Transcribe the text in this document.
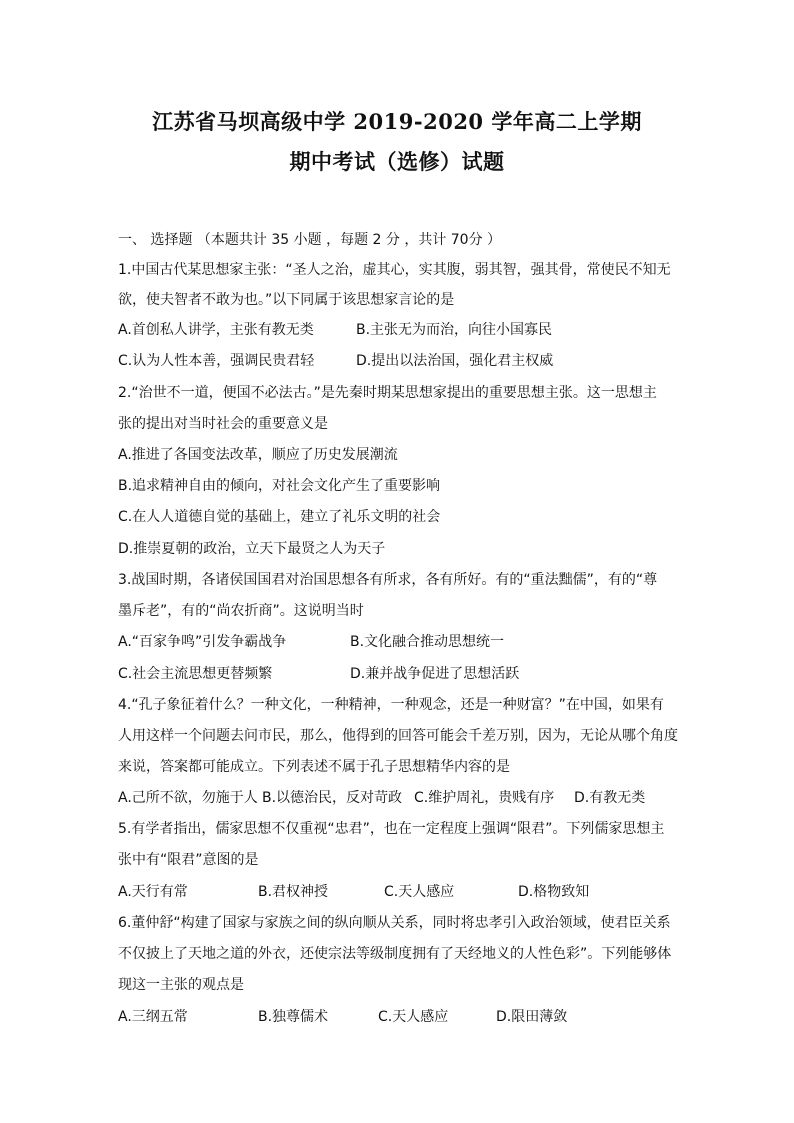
江苏省马坝高级中学 2019-2020 学年高二上学期
期中考试（选修）试题
一、 选择题 （本题共计 35 小题 ，每题 2 分 ，共计 70分 ）
1.中国古代某思想家主张：“圣人之治，虚其心，实其腹，弱其智，强其骨，常使民不知无
欲，使夫智者不敢为也。”以下同属于该思想家言论的是
A.首创私人讲学，主张有教无类	B.主张无为而治，向往小国寡民
C.认为人性本善，强调民贵君轻	D.提出以法治国，强化君主权威
2.“治世不一道，便国不必法古。”是先秦时期某思想家提出的重要思想主张。这一思想主
张的提出对当时社会的重要意义是
A.推进了各国变法改革，顺应了历史发展潮流
B.追求精神自由的倾向，对社会文化产生了重要影响
C.在人人道德自觉的基础上，建立了礼乐文明的社会
D.推崇夏朝的政治，立天下最贤之人为天子
3.战国时期，各诸侯国国君对治国思想各有所求，各有所好。有的“重法黜儒”，有的“尊
墨斥老”，有的“尚农折商”。这说明当时
A.“百家争鸣”引发争霸战争	B.文化融合推动思想统一
C.社会主流思想更替频繁	D.兼并战争促进了思想活跃
4.“孔子象征着什么？一种文化，一种精神，一种观念，还是一种财富？”在中国，如果有
人用这样一个问题去问市民，那么，他得到的回答可能会千差万别，因为，无论从哪个角度
来说，答案都可能成立。下列表述不属于孔子思想精华内容的是
A.己所不欲，勿施于人 B.以德治民，反对苛政 C.维护周礼，贵贱有序 D.有教无类
5.有学者指出，儒家思想不仅重视“忠君”，也在一定程度上强调“限君”。下列儒家思想主
张中有“限君”意图的是
A.天行有常	B.君权神授	C.天人感应	D.格物致知
6.董仲舒“构建了国家与家族之间的纵向顺从关系，同时将忠孝引入政治领域，使君臣关系
不仅披上了天地之道的外衣，还使宗法等级制度拥有了天经地义的人性色彩”。下列能够体
现这一主张的观点是
A.三纲五常	B.独尊儒术	C.天人感应	D.限田薄敛
